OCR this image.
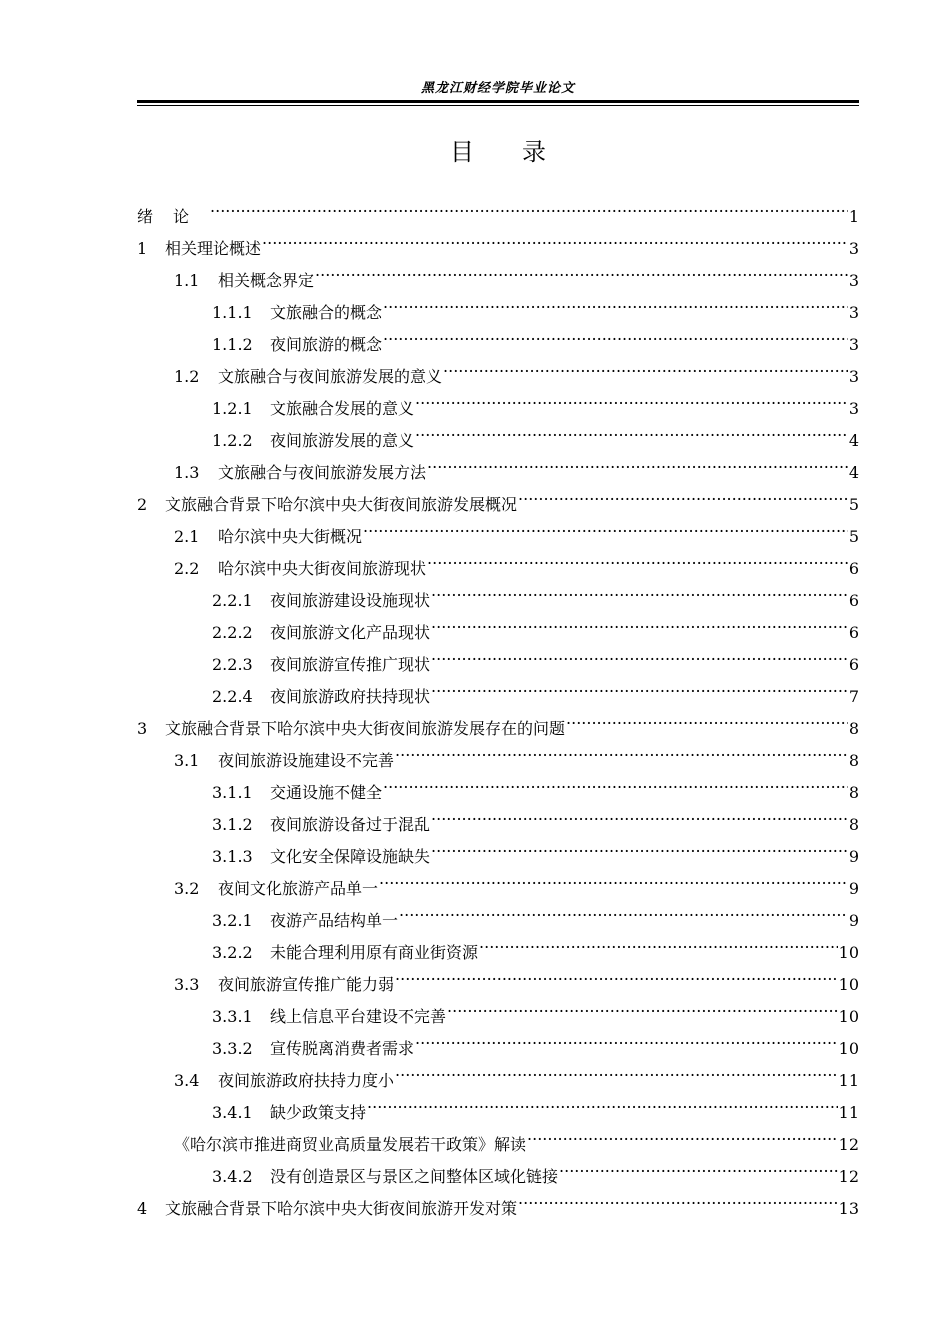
黑龙江财经学院毕业论文
目　　录
绪论 .....	1
1	相关理论概述 .....	3
1.1	相关概念界定 .....	3
1.1.1	文旅融合的概念 .....	3
1.1.2	夜间旅游的概念 .....	3
1.2	文旅融合与夜间旅游发展的意义 .....	3
1.2.1	文旅融合发展的意义 .....	3
1.2.2	夜间旅游发展的意义 .....	4
1.3	文旅融合与夜间旅游发展方法 .....	4
2	文旅融合背景下哈尔滨中央大街夜间旅游发展概况 .....	5
2.1	哈尔滨中央大街概况 .....	5
2.2	哈尔滨中央大街夜间旅游现状 .....	6
2.2.1	夜间旅游建设设施现状 .....	6
2.2.2	夜间旅游文化产品现状 .....	6
2.2.3	夜间旅游宣传推广现状 .....	6
2.2.4	夜间旅游政府扶持现状 .....	7
3	文旅融合背景下哈尔滨中央大街夜间旅游发展存在的问题 .....	8
3.1	夜间旅游设施建设不完善 .....	8
3.1.1	交通设施不健全 .....	8
3.1.2	夜间旅游设备过于混乱 .....	8
3.1.3	文化安全保障设施缺失 .....	9
3.2	夜间文化旅游产品单一 .....	9
3.2.1	夜游产品结构单一 .....	9
3.2.2	未能合理利用原有商业街资源 .....	10
3.3	夜间旅游宣传推广能力弱 .....	10
3.3.1	线上信息平台建设不完善 .....	10
3.3.2	宣传脱离消费者需求 .....	10
3.4	夜间旅游政府扶持力度小 .....	11
3.4.1	缺少政策支持 .....	11
《哈尔滨市推进商贸业高质量发展若干政策》解读 .....	12
3.4.2	没有创造景区与景区之间整体区域化链接 .....	12
4	文旅融合背景下哈尔滨中央大街夜间旅游开发对策 .....	13
